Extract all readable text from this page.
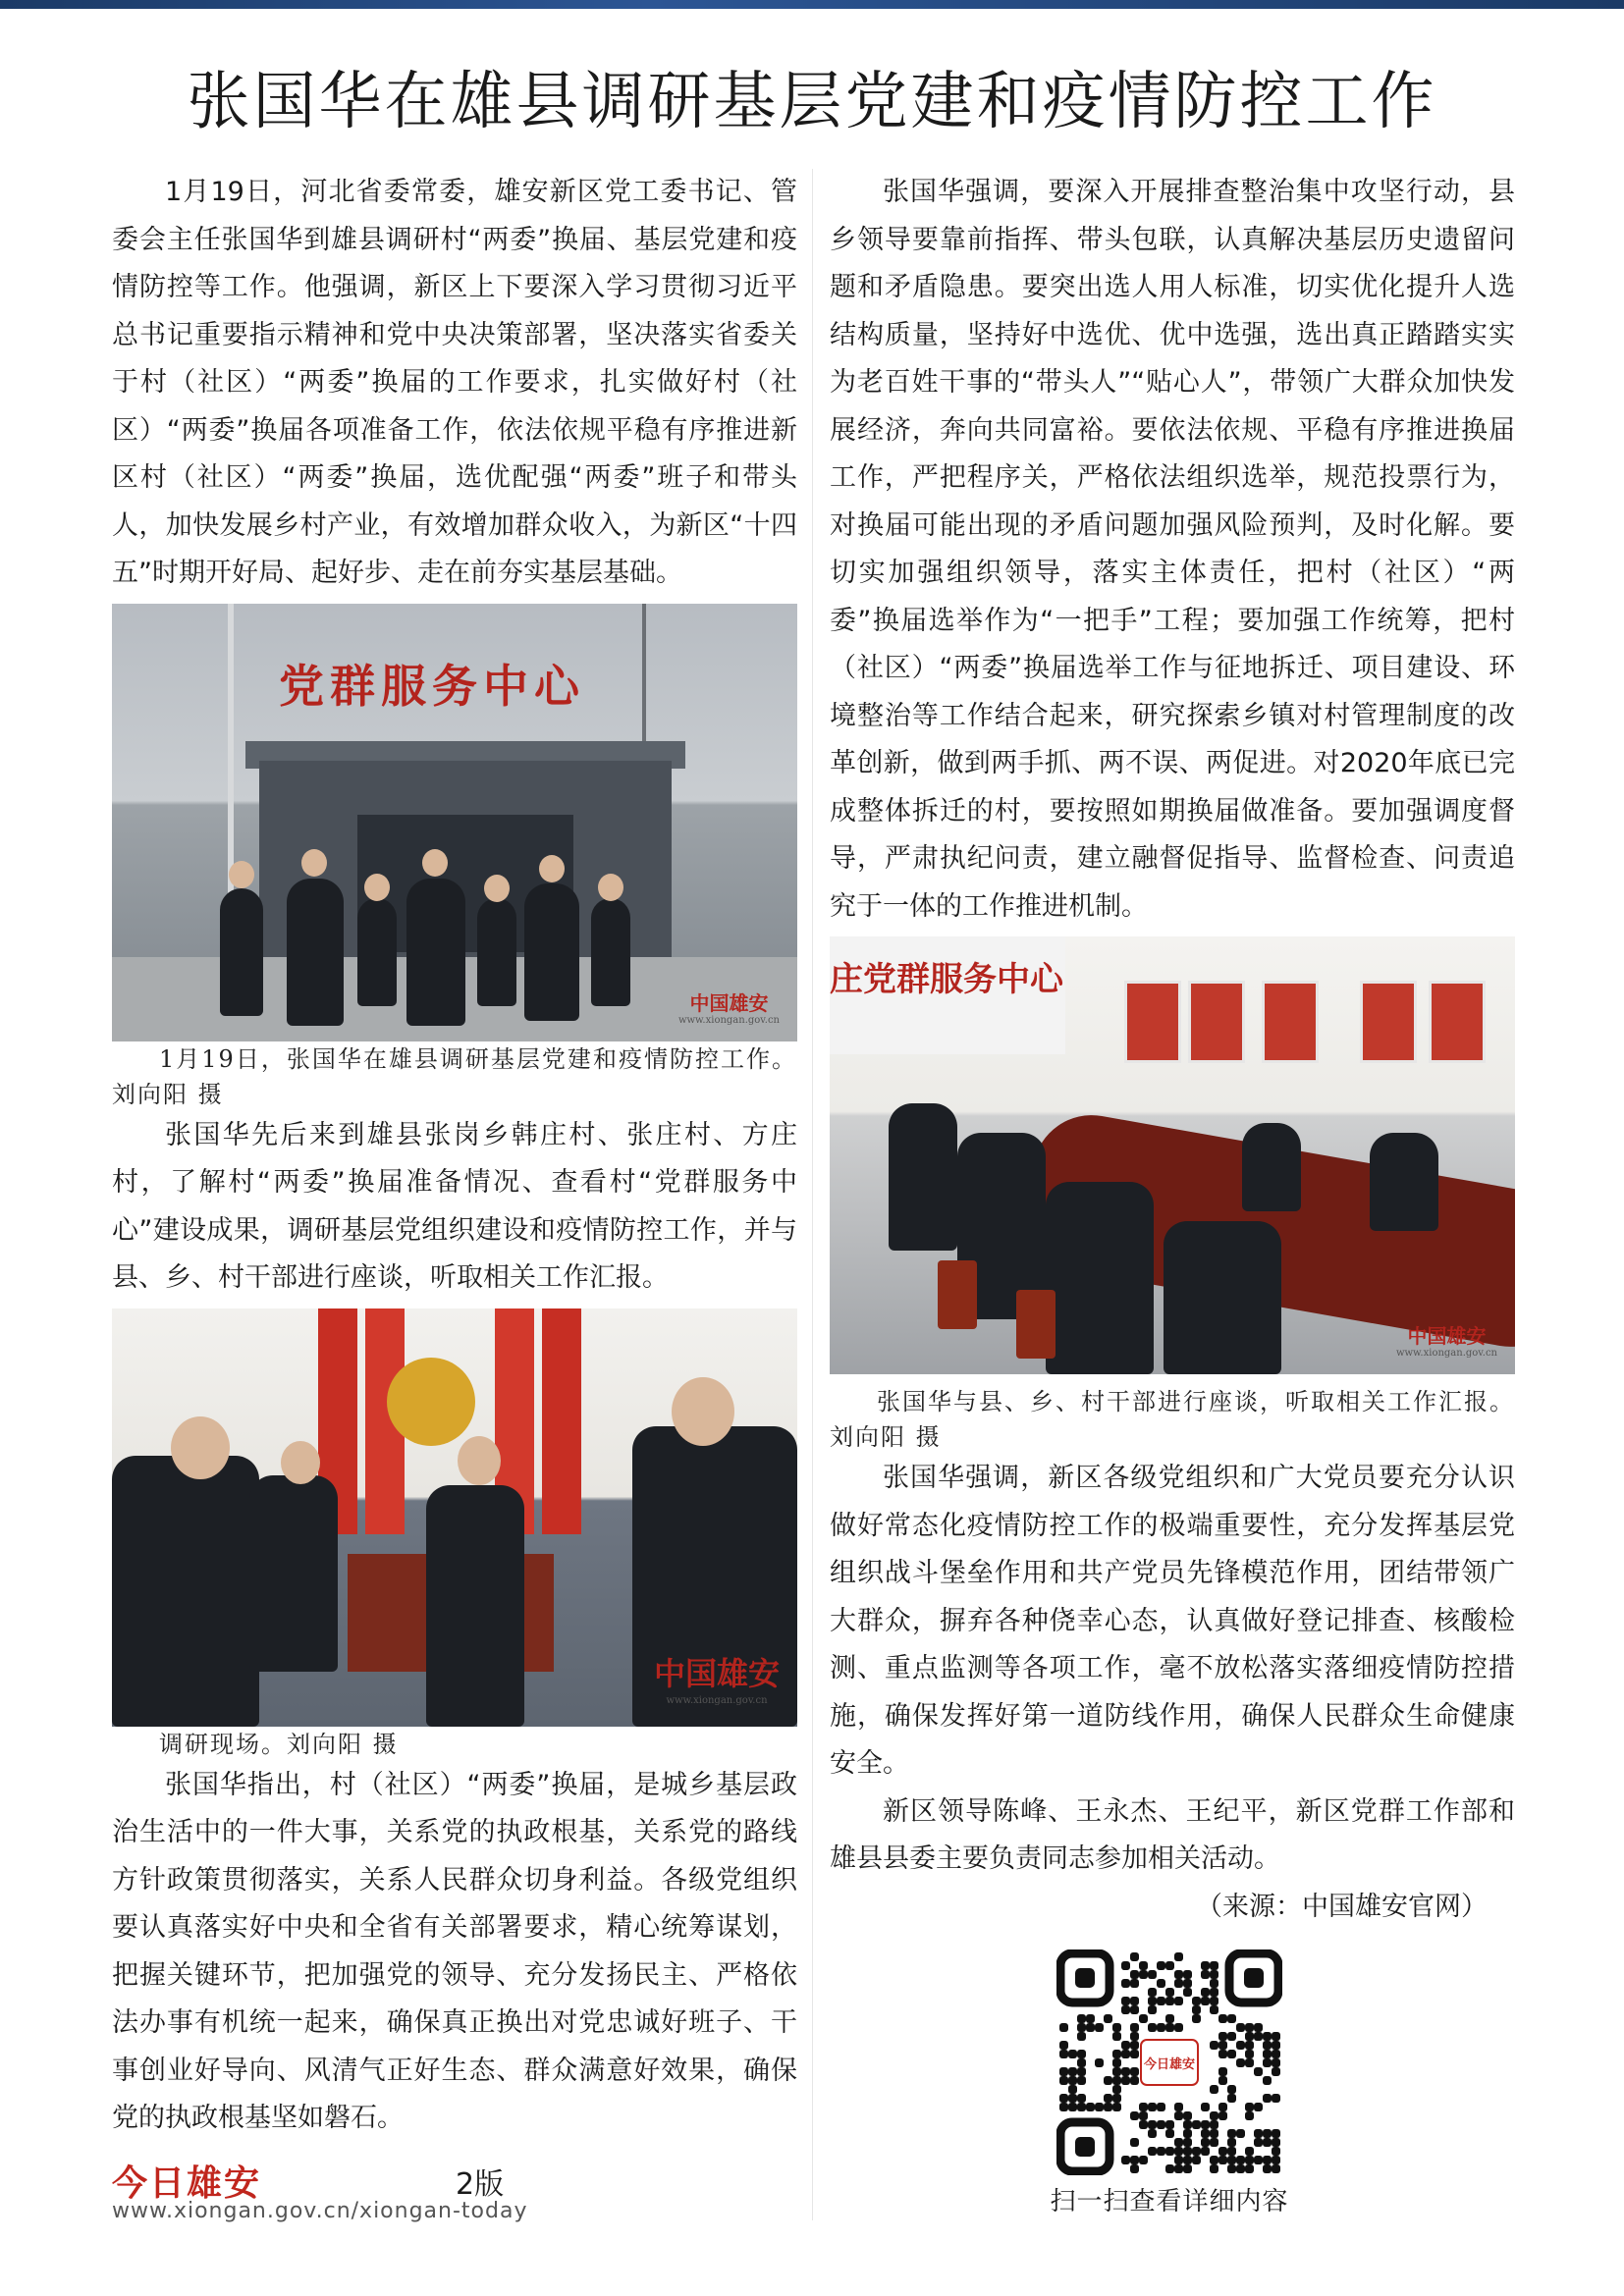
张国华在雄县调研基层党建和疫情防控工作

1月19日，河北省委常委，雄安新区党工委书记、管委会主任张国华到雄县调研村“两委”换届、基层党建和疫情防控等工作。他强调，新区上下要深入学习贯彻习近平总书记重要指示精神和党中央决策部署，坚决落实省委关于村（社区）“两委”换届的工作要求，扎实做好村（社区）“两委”换届各项准备工作，依法依规平稳有序推进新区村（社区）“两委”换届，选优配强“两委”班子和带头人，加快发展乡村产业，有效增加群众收入，为新区“十四五”时期开好局、起好步、走在前夯实基层基础。

党群服务中心
中国雄安
www.xiongan.gov.cn
1月19日，张国华在雄县调研基层党建和疫情防控工作。刘向阳 摄

张国华先后来到雄县张岗乡韩庄村、张庄村、方庄村，了解村“两委”换届准备情况、查看村“党群服务中心”建设成果，调研基层党组织建设和疫情防控工作，并与县、乡、村干部进行座谈，听取相关工作汇报。

中国雄安
www.xiongan.gov.cn
调研现场。刘向阳 摄

张国华指出，村（社区）“两委”换届，是城乡基层政治生活中的一件大事，关系党的执政根基，关系党的路线方针政策贯彻落实，关系人民群众切身利益。各级党组织要认真落实好中央和全省有关部署要求，精心统筹谋划，把握关键环节，把加强党的领导、充分发扬民主、严格依法办事有机统一起来，确保真正换出对党忠诚好班子、干事创业好导向、风清气正好生态、群众满意好效果，确保党的执政根基坚如磐石。

张国华强调，要深入开展排查整治集中攻坚行动，县乡领导要靠前指挥、带头包联，认真解决基层历史遗留问题和矛盾隐患。要突出选人用人标准，切实优化提升人选结构质量，坚持好中选优、优中选强，选出真正踏踏实实为老百姓干事的“带头人”“贴心人”，带领广大群众加快发展经济，奔向共同富裕。要依法依规、平稳有序推进换届工作，严把程序关，严格依法组织选举，规范投票行为，对换届可能出现的矛盾问题加强风险预判，及时化解。要切实加强组织领导，落实主体责任，把村（社区）“两委”换届选举作为“一把手”工程；要加强工作统筹，把村（社区）“两委”换届选举工作与征地拆迁、项目建设、环境整治等工作结合起来，研究探索乡镇对村管理制度的改革创新，做到两手抓、两不误、两促进。对2020年底已完成整体拆迁的村，要按照如期换届做准备。要加强调度督导，严肃执纪问责，建立融督促指导、监督检查、问责追究于一体的工作推进机制。

庄党群服务中心
中国雄安
www.xiongan.gov.cn
张国华与县、乡、村干部进行座谈，听取相关工作汇报。刘向阳 摄

张国华强调，新区各级党组织和广大党员要充分认识做好常态化疫情防控工作的极端重要性，充分发挥基层党组织战斗堡垒作用和共产党员先锋模范作用，团结带领广大群众，摒弃各种侥幸心态，认真做好登记排查、核酸检测、重点监测等各项工作，毫不放松落实落细疫情防控措施，确保发挥好第一道防线作用，确保人民群众生命健康安全。

新区领导陈峰、王永杰、王纪平，新区党群工作部和雄县县委主要负责同志参加相关活动。

（来源：中国雄安官网）
今日雄安	2版
www.xiongan.gov.cn/xiongan-today
今日雄安
扫一扫查看详细内容
